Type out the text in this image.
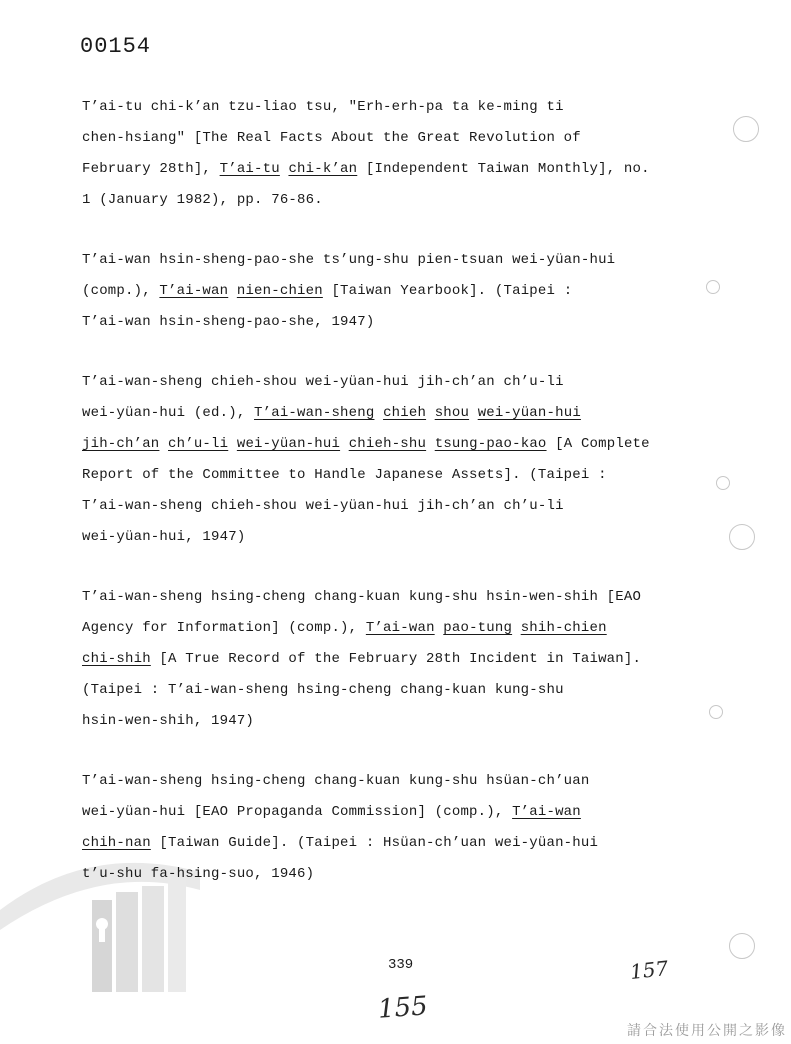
00154
T’ai-tu chi-k’an tzu-liao tsu, "Erh-erh-pa ta ke-ming ti
chen-hsiang" [The Real Facts About the Great Revolution of
February 28th], T’ai-tu chi-k’an [Independent Taiwan Monthly], no.
1 (January 1982), pp. 76-86.
T’ai-wan hsin-sheng-pao-she ts’ung-shu pien-tsuan wei-yüan-hui
(comp.), T’ai-wan nien-chien [Taiwan Yearbook]. (Taipei :
T’ai-wan hsin-sheng-pao-she, 1947)
T’ai-wan-sheng chieh-shou wei-yüan-hui jih-ch’an ch’u-li
wei-yüan-hui (ed.), T’ai-wan-sheng chieh shou wei-yüan-hui
jih-ch’an ch’u-li wei-yüan-hui chieh-shu tsung-pao-kao [A Complete
Report of the Committee to Handle Japanese Assets]. (Taipei :
T’ai-wan-sheng chieh-shou wei-yüan-hui jih-ch’an ch’u-li
wei-yüan-hui, 1947)
T’ai-wan-sheng hsing-cheng chang-kuan kung-shu hsin-wen-shih [EAO
Agency for Information] (comp.), T’ai-wan pao-tung shih-chien
chi-shih [A True Record of the February 28th Incident in Taiwan].
(Taipei : T’ai-wan-sheng hsing-cheng chang-kuan kung-shu
hsin-wen-shih, 1947)
T’ai-wan-sheng hsing-cheng chang-kuan kung-shu hsüan-ch’uan
wei-yüan-hui [EAO Propaganda Commission] (comp.), T’ai-wan
chih-nan [Taiwan Guide]. (Taipei : Hsüan-ch’uan wei-yüan-hui
t’u-shu fa-hsing-suo, 1946)
339	157
155
請合法使用公開之影像
